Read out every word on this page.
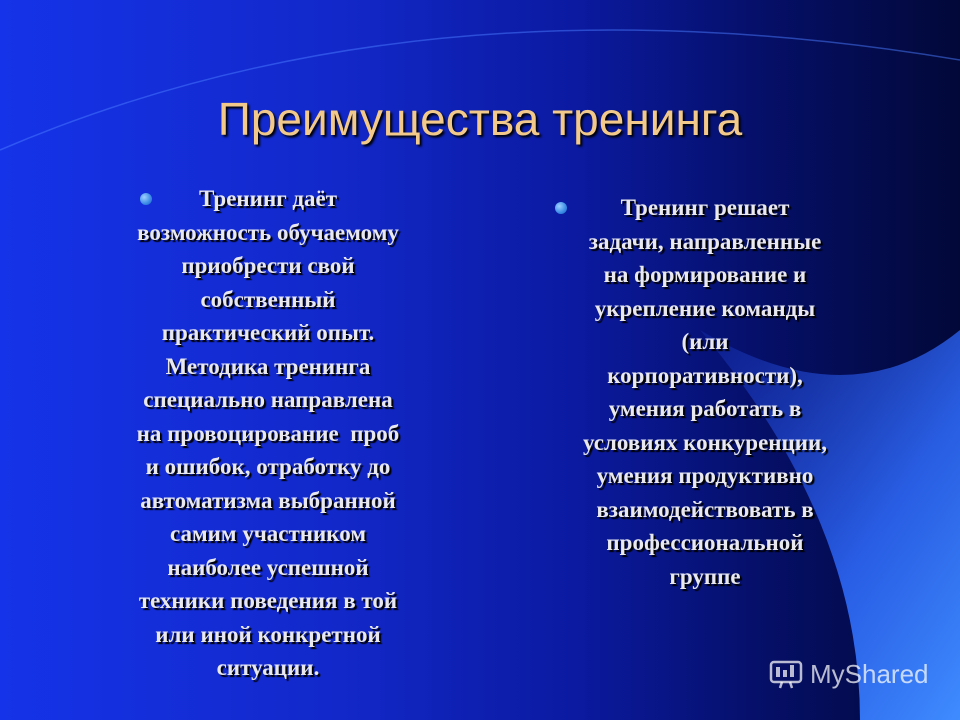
Преимущества тренинга
Тренинг даёт
возможность обучаемому
приобрести свой
собственный
практический опыт.
Методика тренинга
специально направлена
на провоцирование  проб
и ошибок, отработку до
автоматизма выбранной
самим участником
наиболее успешной
техники поведения в той
или иной конкретной
ситуации.
Тренинг решает
задачи, направленные
на формирование и
укрепление команды
(или
корпоративности),
умения работать в
условиях конкуренции,
умения продуктивно
взаимодействовать в
профессиональной
группе
MyShared
